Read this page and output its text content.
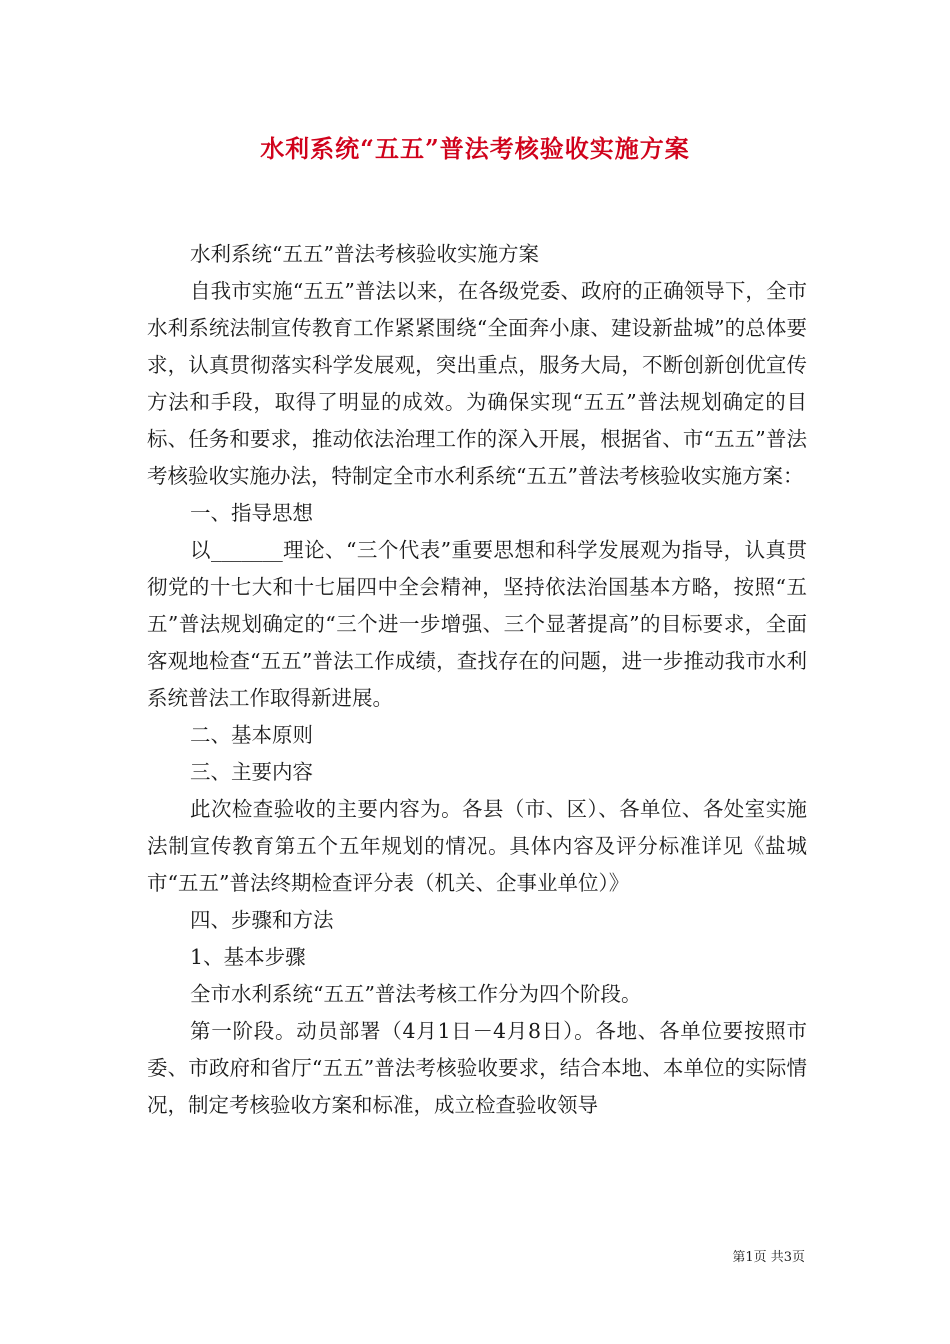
水利系统“五五”普法考核验收实施方案

水利系统“五五”普法考核验收实施方案

自我市实施“五五”普法以来，在各级党委、政府的正确领导下，全市水利系统法制宣传教育工作紧紧围绕“全面奔小康、建设新盐城”的总体要求，认真贯彻落实科学发展观，突出重点，服务大局，不断创新创优宣传方法和手段，取得了明显的成效。为确保实现“五五”普法规划确定的目标、任务和要求，推动依法治理工作的深入开展，根据省、市“五五”普法考核验收实施办法，特制定全市水利系统“五五”普法考核验收实施方案：

一、指导思想

以_______理论、“三个代表”重要思想和科学发展观为指导，认真贯彻党的十七大和十七届四中全会精神，坚持依法治国基本方略，按照“五五”普法规划确定的“三个进一步增强、三个显著提高”的目标要求，全面客观地检查“五五”普法工作成绩，查找存在的问题，进一步推动我市水利系统普法工作取得新进展。

二、基本原则

三、主要内容

此次检查验收的主要内容为。各县（市、区）、各单位、各处室实施法制宣传教育第五个五年规划的情况。具体内容及评分标准详见《盐城市“五五”普法终期检查评分表（机关、企事业单位）》

四、步骤和方法

1、基本步骤

全市水利系统“五五”普法考核工作分为四个阶段。

第一阶段。动员部署（4月1日－4月8日）。各地、各单位要按照市委、市政府和省厅“五五”普法考核验收要求，结合本地、本单位的实际情况，制定考核验收方案和标准，成立检查验收领导

第1页 共3页
